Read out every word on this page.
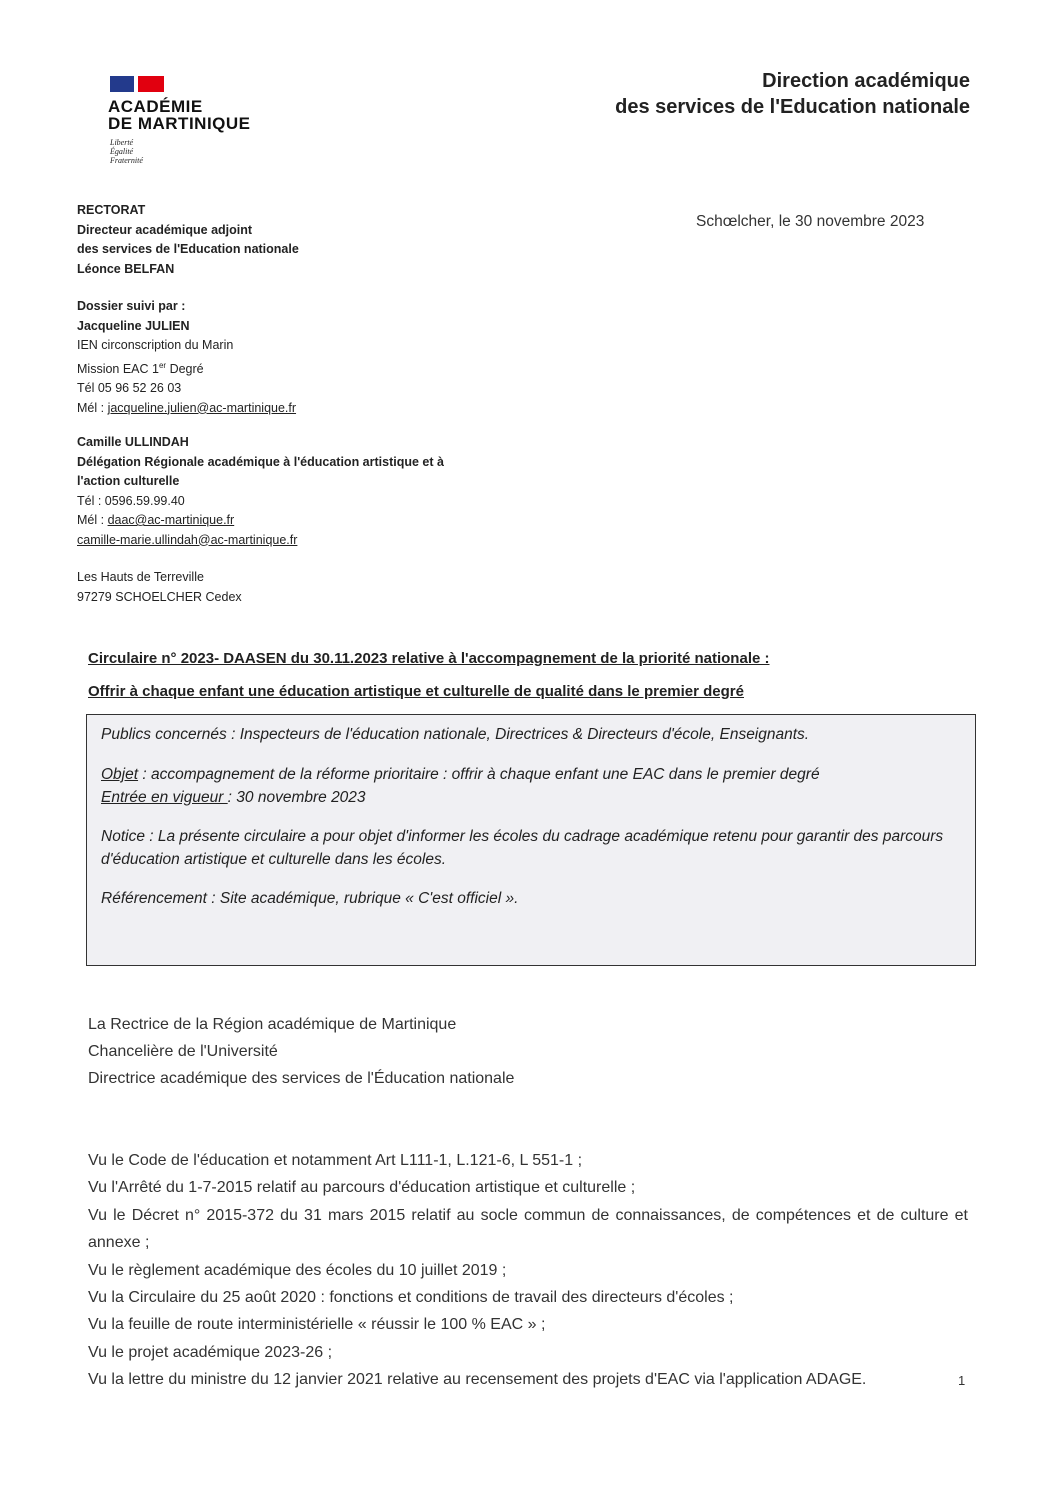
ACADÉMIE
DE MARTINIQUE
Liberté
Égalité
Fraternité
Direction académique
des services de l'Education nationale
RECTORAT
Directeur académique adjoint
des services de l'Education nationale
Léonce BELFAN
Schœlcher, le 30 novembre 2023
Dossier suivi par :
Jacqueline JULIEN
IEN circonscription du Marin
Mission EAC 1er Degré
Tél 05 96 52 26 03
Mél : jacqueline.julien@ac-martinique.fr
Camille ULLINDAH
Délégation Régionale académique à l'éducation artistique et à
l'action culturelle
Tél : 0596.59.99.40
Mél : daac@ac-martinique.fr
camille-marie.ullindah@ac-martinique.fr
Les Hauts de Terreville
97279 SCHOELCHER Cedex
Circulaire n° 2023- DAASEN du 30.11.2023 relative à l'accompagnement de la priorité nationale :
Offrir à chaque enfant une éducation artistique et culturelle de qualité dans le premier degré

Publics concernés : Inspecteurs de l'éducation nationale, Directrices & Directeurs d'école, Enseignants.

Objet : accompagnement de la réforme prioritaire : offrir à chaque enfant une EAC dans le premier degré

Entrée en vigueur : 30 novembre 2023

Notice : La présente circulaire a pour objet d'informer les écoles du cadrage académique retenu pour garantir des parcours d'éducation artistique et culturelle dans les écoles.

Référencement : Site académique, rubrique « C'est officiel ».

La Rectrice de la Région académique de Martinique
Chancelière de l'Université
Directrice académique des services de l'Éducation nationale
Vu le Code de l'éducation et notamment Art L111-1, L.121-6, L 551-1 ;
Vu l'Arrêté du 1-7-2015 relatif au parcours d'éducation artistique et culturelle ;
Vu le Décret n° 2015-372 du 31 mars 2015 relatif au socle commun de connaissances, de compétences et de culture et annexe ;
Vu le règlement académique des écoles du 10 juillet 2019 ;
Vu la Circulaire du 25 août 2020 : fonctions et conditions de travail des directeurs d'écoles ;
Vu la feuille de route interministérielle « réussir le 100 % EAC » ;
Vu le projet académique 2023-26 ;
Vu la lettre du ministre du 12 janvier 2021 relative au recensement des projets d'EAC via l'application ADAGE.	1
